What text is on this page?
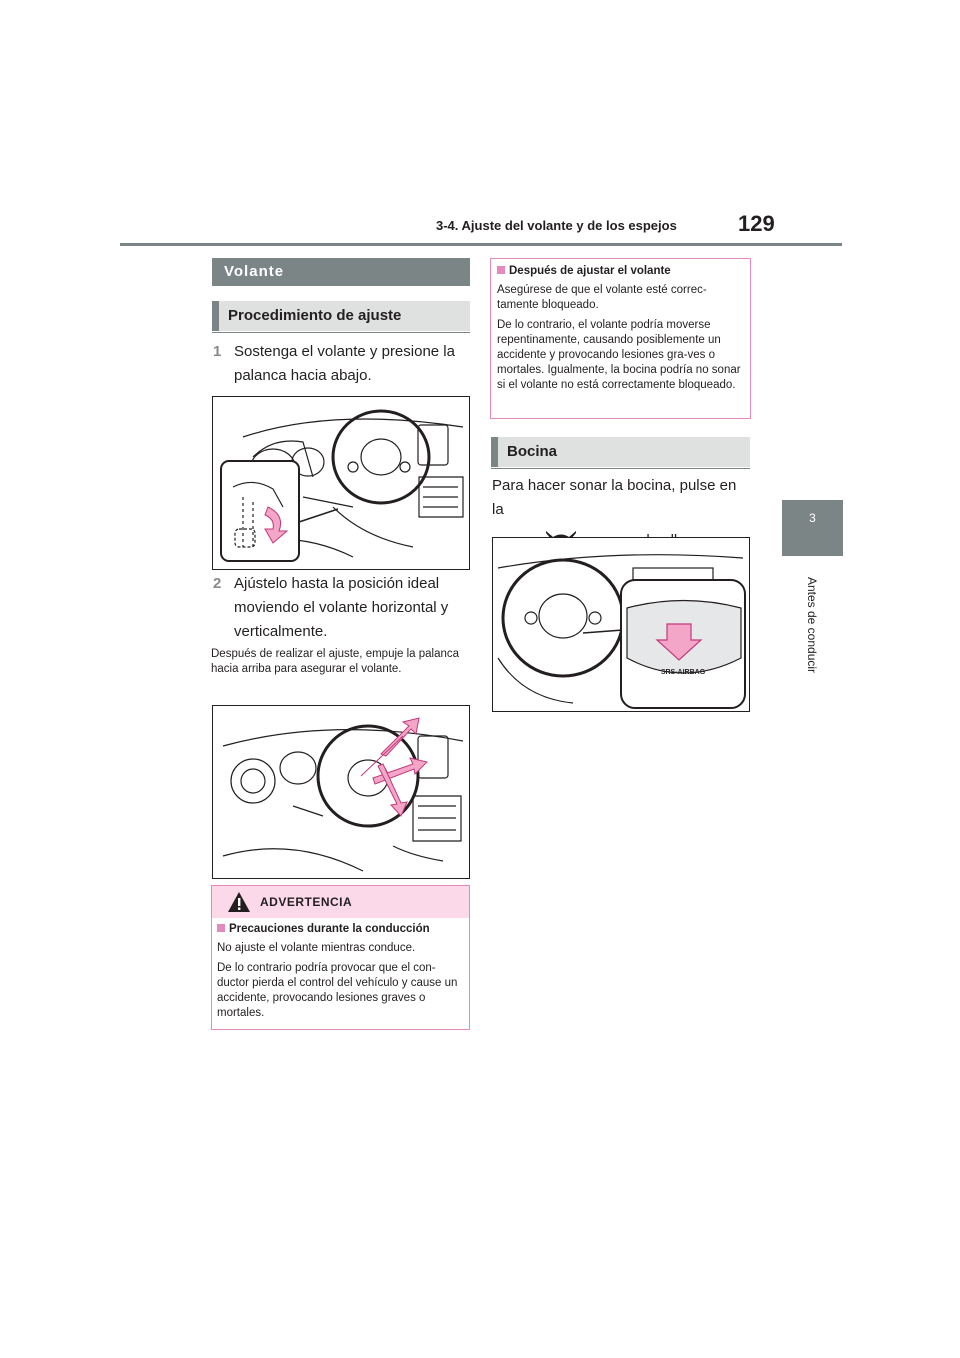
3-4. Ajuste del volante y de los espejos	129
3
Antes de conducir
Volante
Procedimiento de ajuste
1 Sostenga el volante y presione la palanca hacia abajo.
2 Ajústelo hasta la posición ideal moviendo el volante horizontal y verticalmente.
Después de realizar el ajuste, empuje la palanca hacia arriba para asegurar el volante.
ADVERTENCIA

Precauciones durante la conducción

No ajuste el volante mientras conduce.

De lo contrario podría provocar que el con-ductor pierda el control del vehículo y cause un accidente, provocando lesiones graves o mortales.

Después de ajustar el volante

Asegúrese de que el volante esté correc-tamente bloqueado.

De lo contrario, el volante podría moverse repentinamente, causando posiblemente un accidente y provocando lesiones gra-ves o mortales. Igualmente, la bocina podría no sonar si el volante no está correctamente bloqueado.

Bocina
Para hacer sonar la bocina, pulse en la
SRS-AIRBAG
